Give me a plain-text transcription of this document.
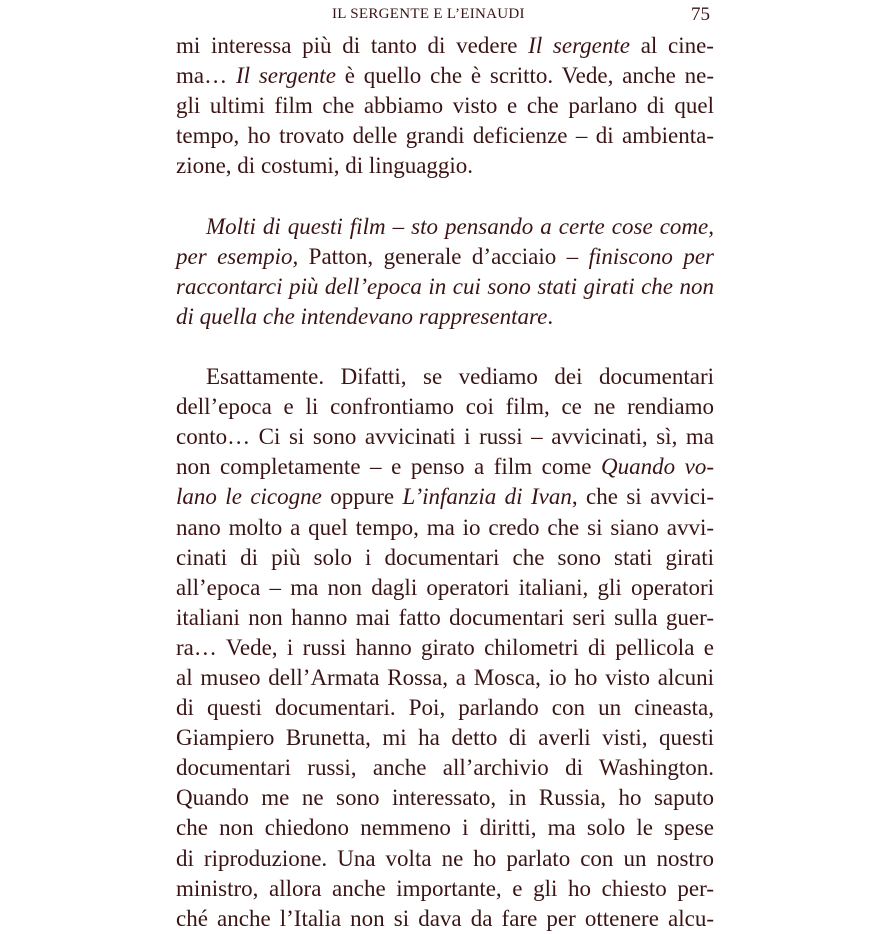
IL SERGENTE E L’EINAUDI	75
mi interessa più di tanto di vedere Il sergente al cine-
ma… Il sergente è quello che è scritto. Vede, anche ne-
gli ultimi film che abbiamo visto e che parlano di quel
tempo, ho trovato delle grandi deficienze – di ambienta-
zione, di costumi, di linguaggio.
Molti di questi film – sto pensando a certe cose come,
per esempio, Patton, generale d’acciaio – finiscono per
raccontarci più dell’epoca in cui sono stati girati che non
di quella che intendevano rappresentare.
Esattamente. Difatti, se vediamo dei documentari
dell’epoca e li confrontiamo coi film, ce ne rendiamo
conto… Ci si sono avvicinati i russi – avvicinati, sì, ma
non completamente – e penso a film come Quando vo-
lano le cicogne oppure L’infanzia di Ivan, che si avvici-
nano molto a quel tempo, ma io credo che si siano avvi-
cinati di più solo i documentari che sono stati girati
all’epoca – ma non dagli operatori italiani, gli operatori
italiani non hanno mai fatto documentari seri sulla guer-
ra… Vede, i russi hanno girato chilometri di pellicola e
al museo dell’Armata Rossa, a Mosca, io ho visto alcuni
di questi documentari. Poi, parlando con un cineasta,
Giampiero Brunetta, mi ha detto di averli visti, questi
documentari russi, anche all’archivio di Washington.
Quando me ne sono interessato, in Russia, ho saputo
che non chiedono nemmeno i diritti, ma solo le spese
di riproduzione. Una volta ne ho parlato con un nostro
ministro, allora anche importante, e gli ho chiesto per-
ché anche l’Italia non si dava da fare per ottenere alcu-
